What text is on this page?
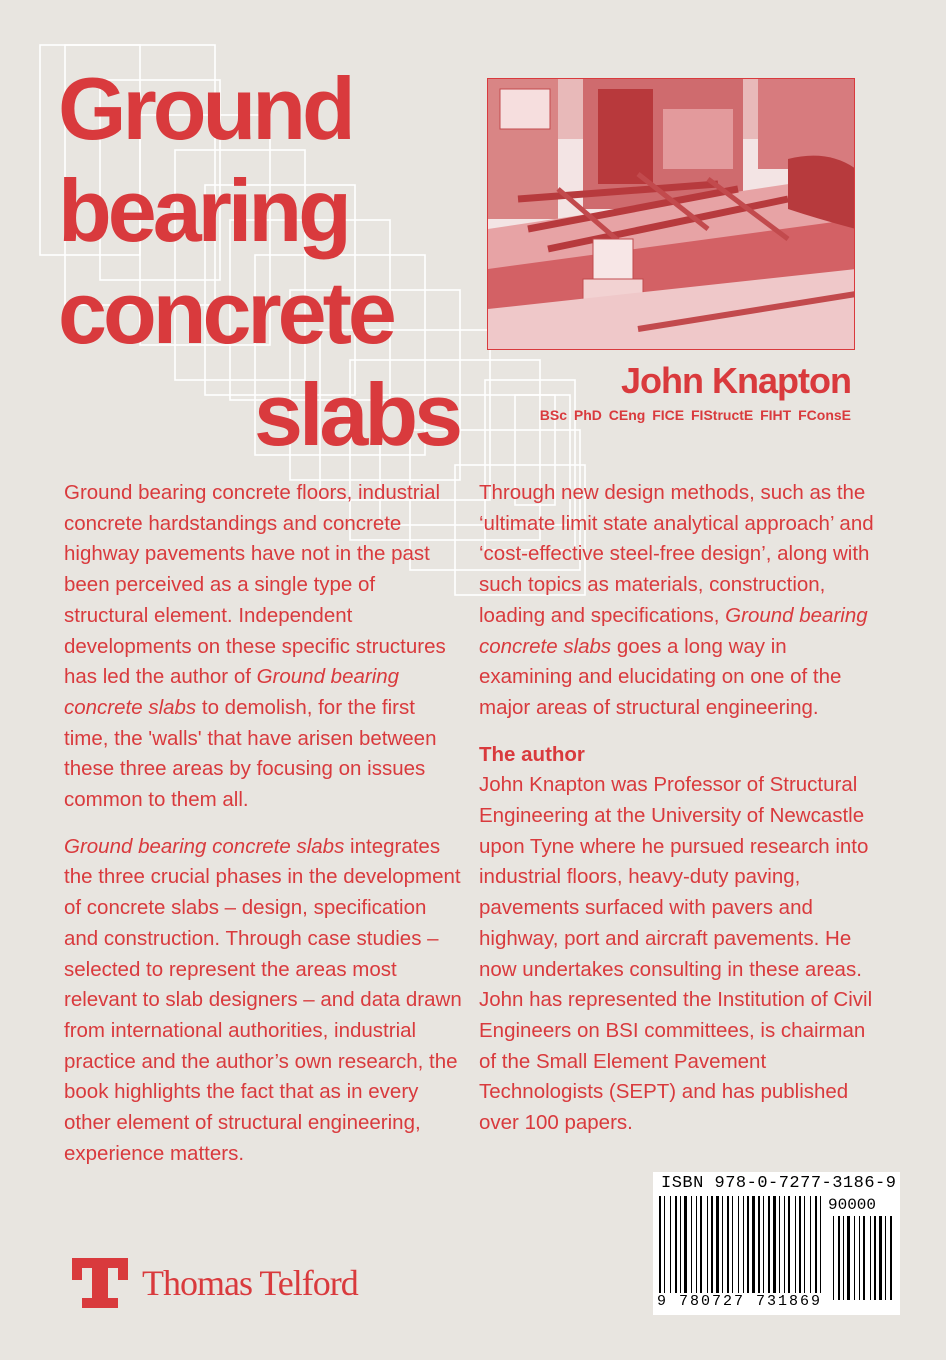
Ground
bearing
concrete
slabs	John Knapton
BSc PhD CEng FICE FIStructE FIHT FConsE

Ground bearing concrete floors, industrial concrete hardstandings and concrete highway pavements have not in the past been perceived as a single type of structural element. Independent developments on these specific structures has led the author of Ground bearing concrete slabs to demolish, for the first time, the 'walls' that have arisen between these three areas by focusing on issues common to them all.

Ground bearing concrete slabs integrates the three crucial phases in the development of concrete slabs – design, specification and construction. Through case studies – selected to represent the areas most relevant to slab designers – and data drawn from international authorities, industrial practice and the author’s own research, the book highlights the fact that as in every other element of structural engineering, experience matters.

Through new design methods, such as the ‘ultimate limit state analytical approach’ and ‘cost-effective steel-free design’, along with such topics as materials, construction, loading and specifications, Ground bearing concrete slabs goes a long way in examining and elucidating on one of the major areas of structural engineering.

The author

John Knapton was Professor of Structural Engineering at the University of Newcastle upon Tyne where he pursued research into industrial floors, heavy-duty paving, pavements surfaced with pavers and highway, port and aircraft pavements. He now undertakes consulting in these areas. John has represented the Institution of Civil Engineers on BSI committees, is chairman of the Small Element Pavement Technologists (SEPT) and has published over 100 papers.

Thomas Telford
ISBN 978-0-7277-3186-9
90000
9 780727 731869
